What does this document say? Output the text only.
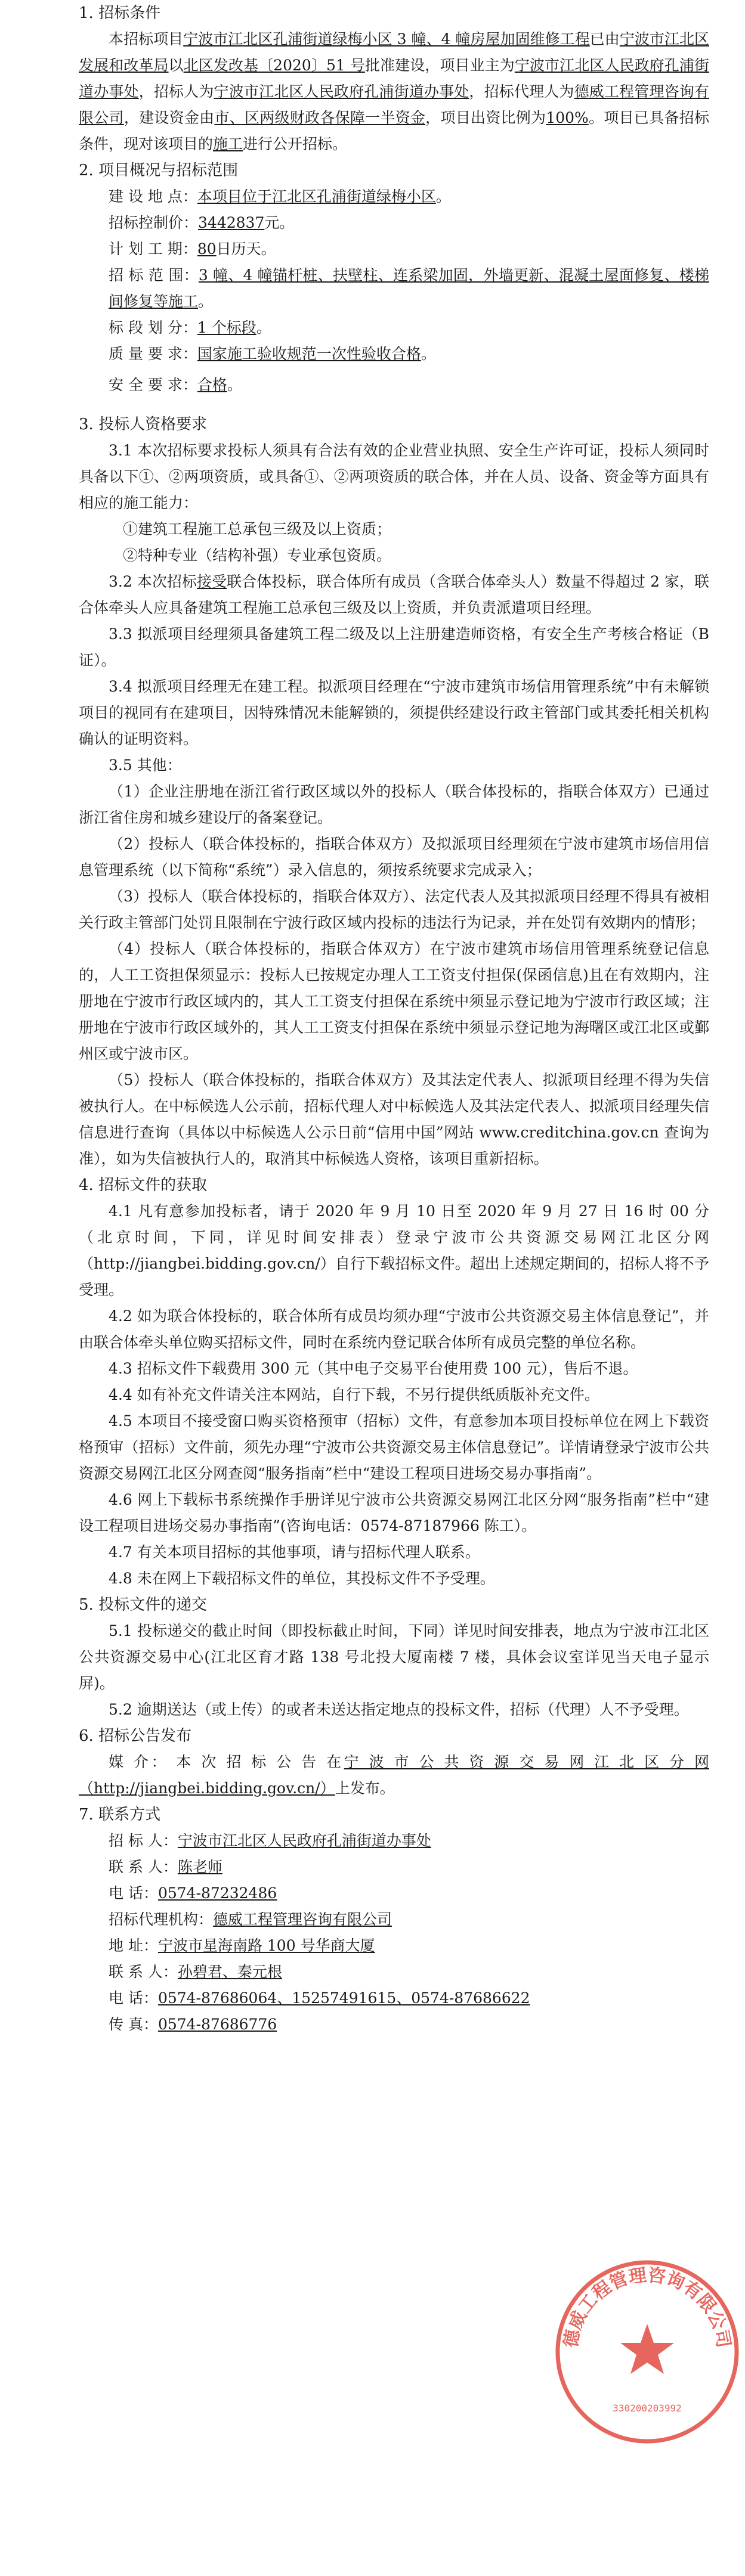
1. 招标条件

本招标项目宁波市江北区孔浦街道绿梅小区 3 幢、4 幢房屋加固维修工程已由宁波市江北区发展和改革局以北区发改基〔2020〕51 号批准建设，项目业主为宁波市江北区人民政府孔浦街道办事处，招标人为宁波市江北区人民政府孔浦街道办事处，招标代理人为德威工程管理咨询有限公司，建设资金由市、区两级财政各保障一半资金，项目出资比例为100%。项目已具备招标条件，现对该项目的施工进行公开招标。

2. 项目概况与招标范围

建 设 地 点：本项目位于江北区孔浦街道绿梅小区。

招标控制价：3442837元。

计 划 工 期：80日历天。

招 标 范 围：3 幢、4 幢锚杆桩、扶壁柱、连系梁加固，外墙更新、混凝土屋面修复、楼梯间修复等施工。

标 段 划 分：1 个标段。

质 量 要 求：国家施工验收规范一次性验收合格。

安 全 要 求：合格。

3. 投标人资格要求

3.1 本次招标要求投标人须具有合法有效的企业营业执照、安全生产许可证，投标人须同时具备以下①、②两项资质，或具备①、②两项资质的联合体，并在人员、设备、资金等方面具有相应的施工能力：

①建筑工程施工总承包三级及以上资质；

②特种专业（结构补强）专业承包资质。

3.2 本次招标接受联合体投标，联合体所有成员（含联合体牵头人）数量不得超过 2 家，联合体牵头人应具备建筑工程施工总承包三级及以上资质，并负责派遣项目经理。

3.3 拟派项目经理须具备建筑工程二级及以上注册建造师资格，有安全生产考核合格证（B 证）。

3.4 拟派项目经理无在建工程。拟派项目经理在“宁波市建筑市场信用管理系统”中有未解锁项目的视同有在建项目，因特殊情况未能解锁的，须提供经建设行政主管部门或其委托相关机构确认的证明资料。

3.5 其他：

（1）企业注册地在浙江省行政区域以外的投标人（联合体投标的，指联合体双方）已通过浙江省住房和城乡建设厅的备案登记。

（2）投标人（联合体投标的，指联合体双方）及拟派项目经理须在宁波市建筑市场信用信息管理系统（以下简称“系统”）录入信息的，须按系统要求完成录入；

（3）投标人（联合体投标的，指联合体双方）、法定代表人及其拟派项目经理不得具有被相关行政主管部门处罚且限制在宁波行政区域内投标的违法行为记录，并在处罚有效期内的情形；

（4）投标人（联合体投标的，指联合体双方）在宁波市建筑市场信用管理系统登记信息的，人工工资担保须显示：投标人已按规定办理人工工资支付担保(保函信息)且在有效期内，注册地在宁波市行政区域内的，其人工工资支付担保在系统中须显示登记地为宁波市行政区域；注册地在宁波市行政区域外的，其人工工资支付担保在系统中须显示登记地为海曙区或江北区或鄞州区或宁波市区。

（5）投标人（联合体投标的，指联合体双方）及其法定代表人、拟派项目经理不得为失信被执行人。在中标候选人公示前，招标代理人对中标候选人及其法定代表人、拟派项目经理失信信息进行查询（具体以中标候选人公示日前“信用中国”网站 www.creditchina.gov.cn 查询为准），如为失信被执行人的，取消其中标候选人资格，该项目重新招标。

4. 招标文件的获取

4.1 凡有意参加投标者，请于 2020 年 9 月 10 日至 2020 年 9 月 27 日 16 时 00 分（北京时间，下同，详见时间安排表）登录宁波市公共资源交易网江北区分网（http://jiangbei.bidding.gov.cn/）自行下载招标文件。超出上述规定期间的，招标人将不予受理。

4.2 如为联合体投标的，联合体所有成员均须办理“宁波市公共资源交易主体信息登记”，并由联合体牵头单位购买招标文件，同时在系统内登记联合体所有成员完整的单位名称。

4.3 招标文件下载费用 300 元（其中电子交易平台使用费 100 元），售后不退。

4.4 如有补充文件请关注本网站，自行下载，不另行提供纸质版补充文件。

4.5 本项目不接受窗口购买资格预审（招标）文件，有意参加本项目投标单位在网上下载资格预审（招标）文件前，须先办理“宁波市公共资源交易主体信息登记”。详情请登录宁波市公共资源交易网江北区分网查阅“服务指南”栏中“建设工程项目进场交易办事指南”。

4.6 网上下载标书系统操作手册详见宁波市公共资源交易网江北区分网“服务指南”栏中“建设工程项目进场交易办事指南”(咨询电话：0574-87187966 陈工）。

4.7 有关本项目招标的其他事项，请与招标代理人联系。

4.8 未在网上下载招标文件的单位，其投标文件不予受理。

5. 投标文件的递交

5.1 投标递交的截止时间（即投标截止时间，下同）详见时间安排表，地点为宁波市江北区公共资源交易中心(江北区育才路 138 号北投大厦南楼 7 楼，具体会议室详见当天电子显示屏)。

5.2 逾期送达（或上传）的或者未送达指定地点的投标文件，招标（代理）人不予受理。

6. 招标公告发布

媒 介： 本 次 招 标 公 告 在宁 波 市 公 共 资 源 交 易 网 江 北 区 分 网 （http://jiangbei.bidding.gov.cn/）上发布。

7. 联系方式

招 标 人：宁波市江北区人民政府孔浦街道办事处

联 系 人：陈老师

电 话：0574-87232486

招标代理机构：德威工程管理咨询有限公司

地 址：宁波市星海南路 100 号华商大厦

联 系 人：孙碧君、秦元根

电 话：0574-87686064、15257491615、0574-87686622

传 真：0574-87686776

德威工程管理咨询有限公司
330200203992
